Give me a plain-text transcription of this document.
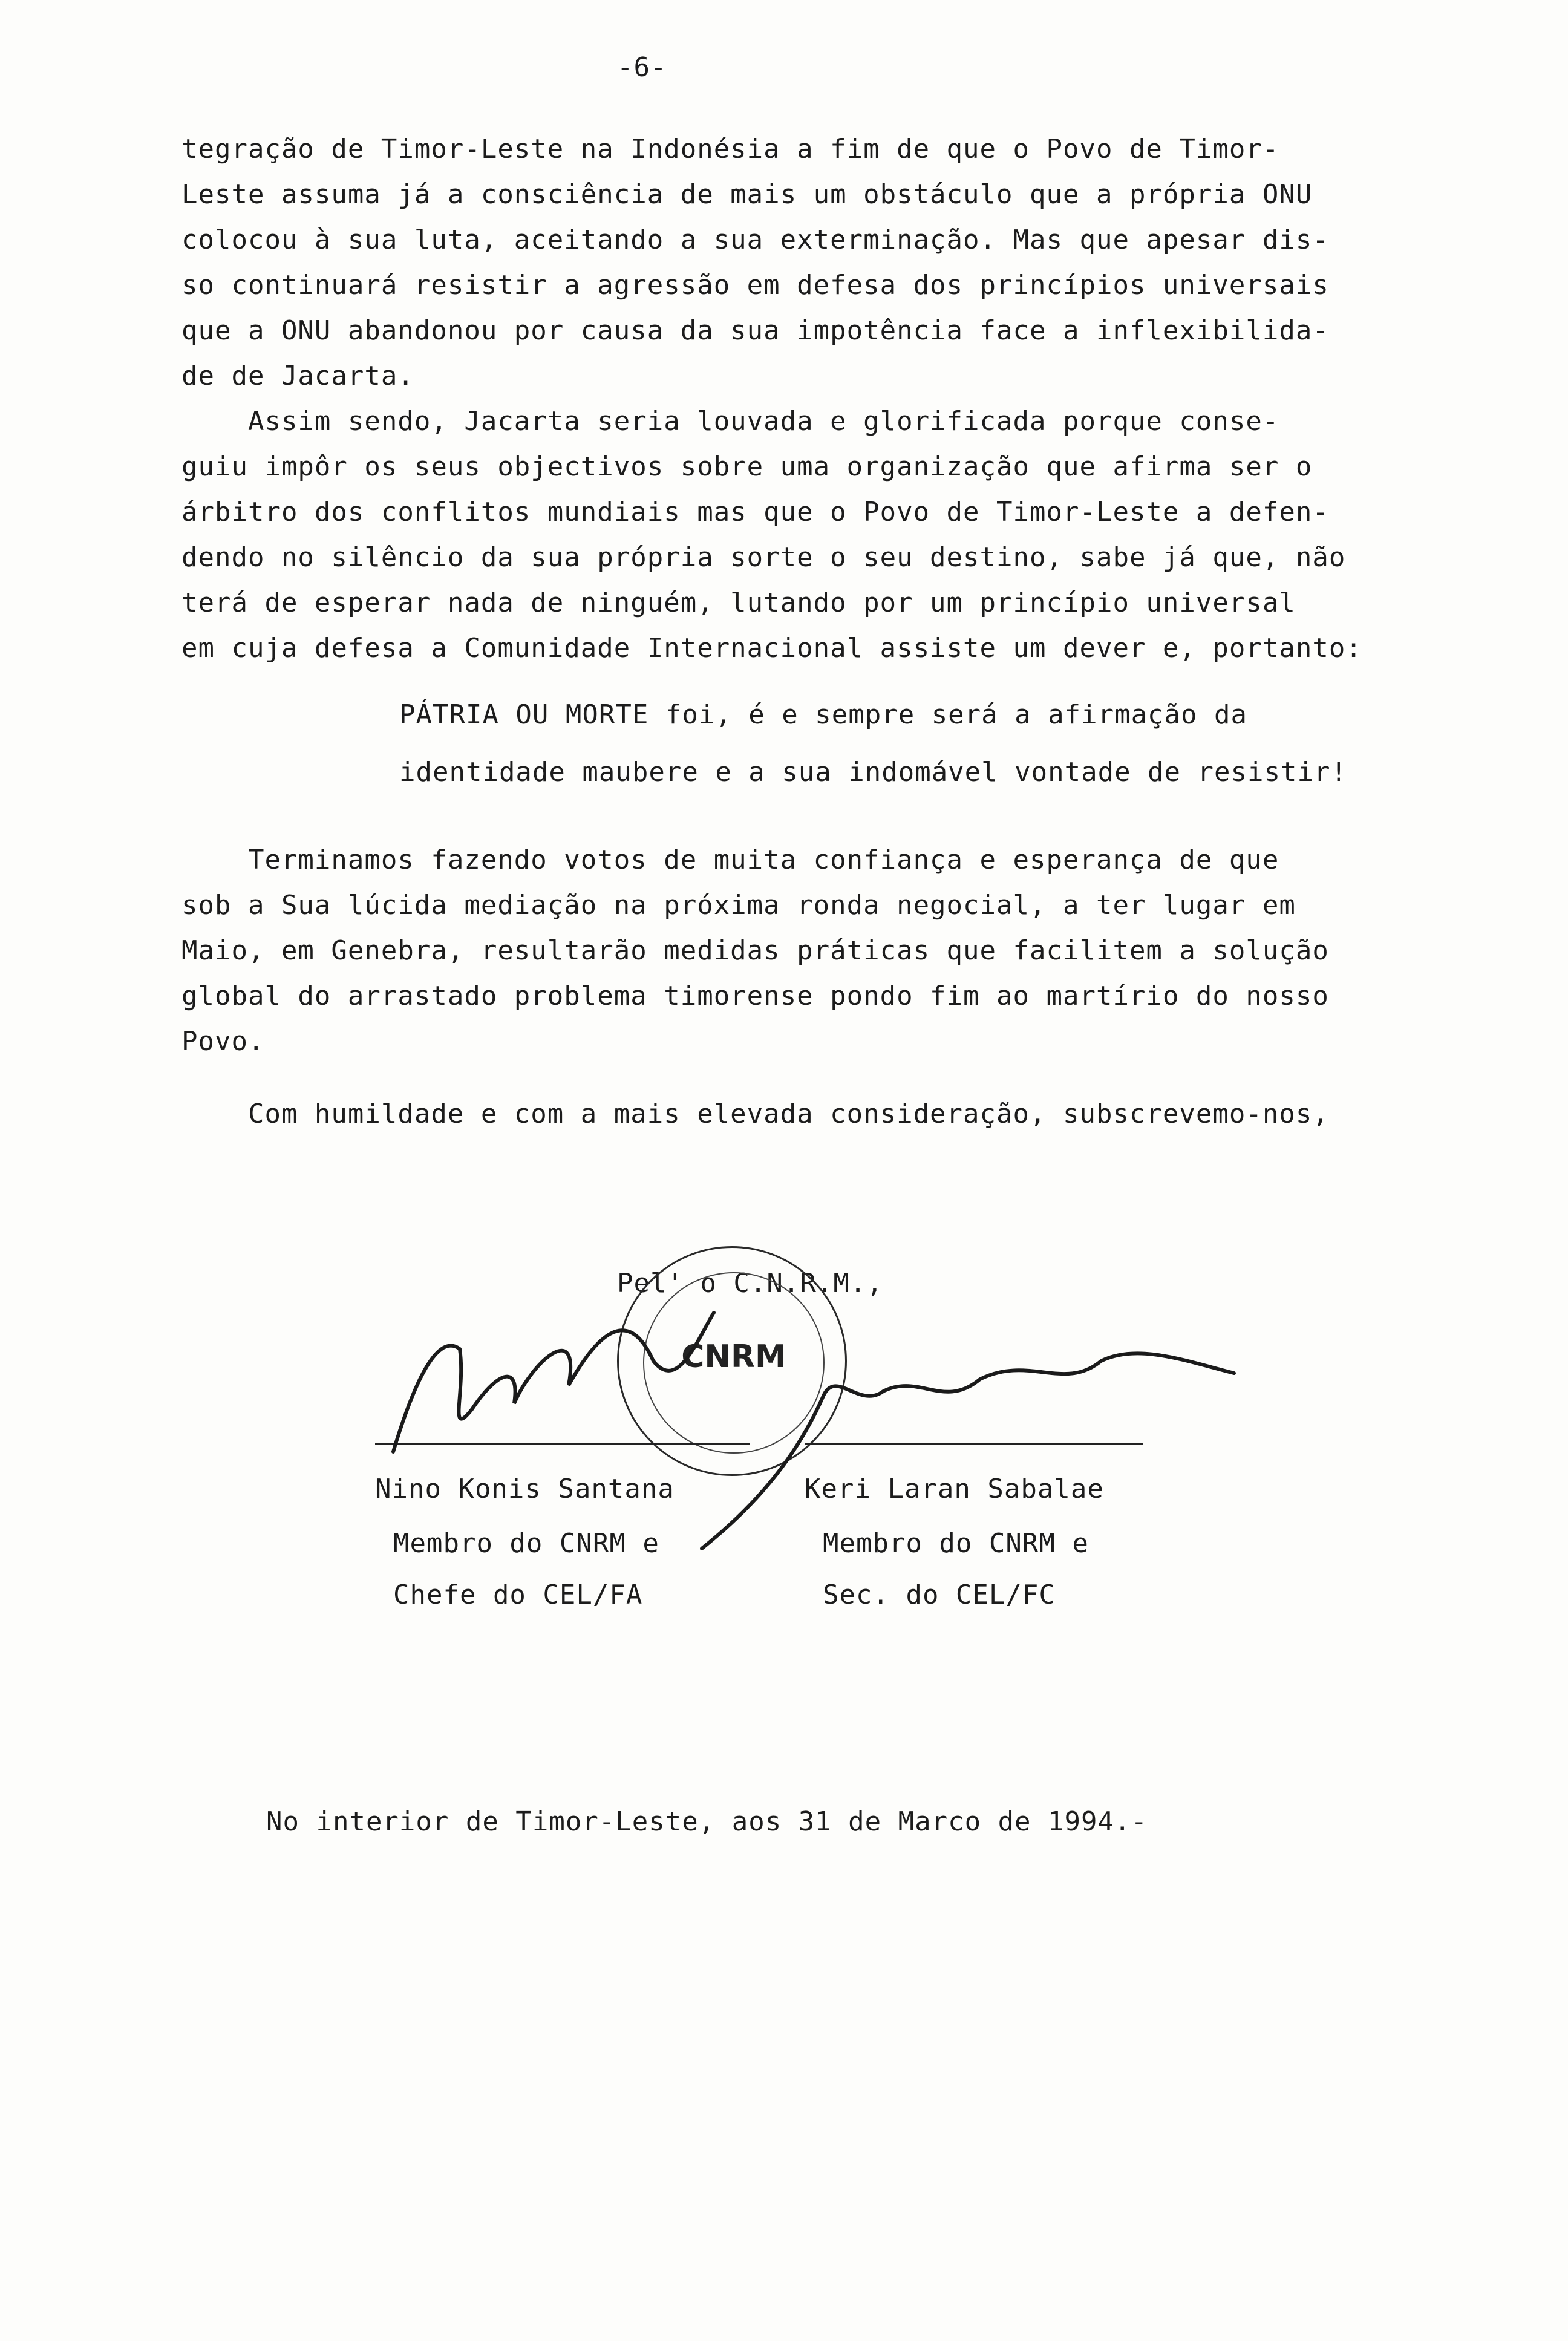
-6-
tegração de Timor-Leste na Indonésia a fim de que o Povo de Timor-
Leste assuma já a consciência de mais um obstáculo que a própria ONU
colocou à sua luta, aceitando a sua exterminação. Mas que apesar dis-
so continuará resistir a agressão em defesa dos princípios universais
que a ONU abandonou por causa da sua impotência face a inflexibilida-
de de Jacarta.
Assim sendo, Jacarta seria louvada e glorificada porque conse-
guiu impôr os seus objectivos sobre uma organização que afirma ser o
árbitro dos conflitos mundiais mas que o Povo de Timor-Leste a defen-
dendo no silêncio da sua própria sorte o seu destino, sabe já que, não
terá de esperar nada de ninguém, lutando por um princípio universal
em cuja defesa a Comunidade Internacional assiste um dever e, portanto:
PÁTRIA OU MORTE foi, é e sempre será a afirmação da
identidade maubere e a sua indomável vontade de resistir!
Terminamos fazendo votos de muita confiança e esperança de que
sob a Sua lúcida mediação na próxima ronda negocial, a ter lugar em
Maio, em Genebra, resultarão medidas práticas que facilitem a solução
global do arrastado problema timorense pondo fim ao martírio do nosso
Povo.
Com humildade e com a mais elevada consideração, subscrevemo-nos,
Pel' o C.N.R.M.,
CNRM
Nino Konis Santana
Membro do CNRM e
Chefe do CEL/FA
Keri Laran Sabalae
Membro do CNRM e
Sec. do CEL/FC
No interior de Timor-Leste, aos 31 de Marco de 1994.-
